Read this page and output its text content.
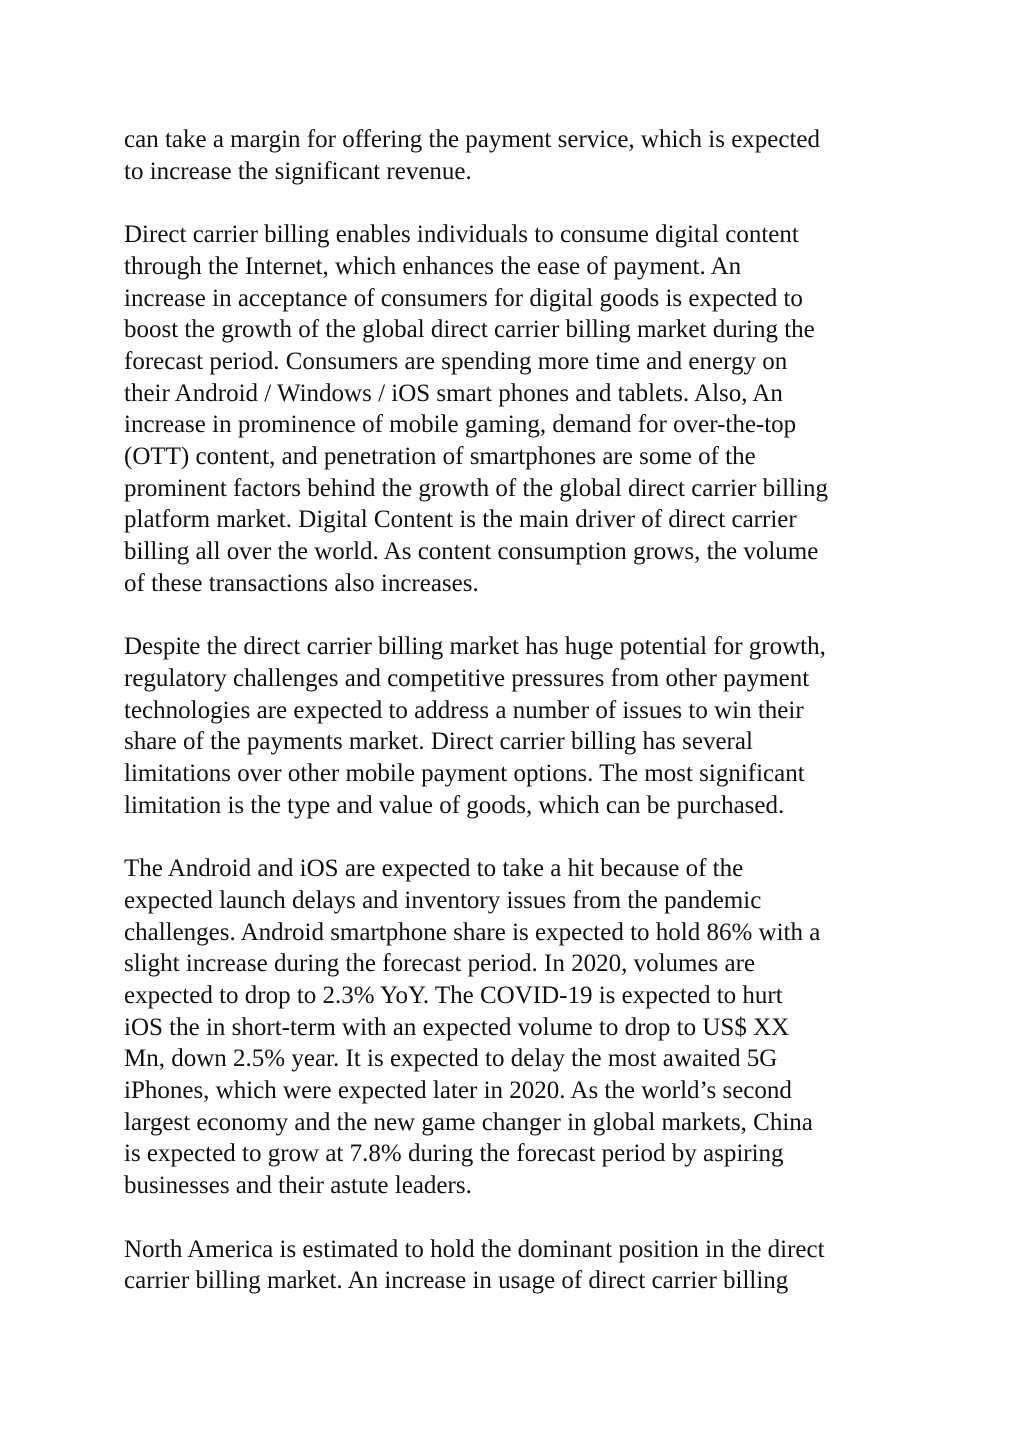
can take a margin for offering the payment service, which is expected
to increase the significant revenue.

Direct carrier billing enables individuals to consume digital content
through the Internet, which enhances the ease of payment. An
increase in acceptance of consumers for digital goods is expected to
boost the growth of the global direct carrier billing market during the
forecast period. Consumers are spending more time and energy on
their Android / Windows / iOS smart phones and tablets. Also, An
increase in prominence of mobile gaming, demand for over-the-top
(OTT) content, and penetration of smartphones are some of the
prominent factors behind the growth of the global direct carrier billing
platform market. Digital Content is the main driver of direct carrier
billing all over the world. As content consumption grows, the volume
of these transactions also increases.

Despite the direct carrier billing market has huge potential for growth,
regulatory challenges and competitive pressures from other payment
technologies are expected to address a number of issues to win their
share of the payments market. Direct carrier billing has several
limitations over other mobile payment options. The most significant
limitation is the type and value of goods, which can be purchased.

The Android and iOS are expected to take a hit because of the
expected launch delays and inventory issues from the pandemic
challenges. Android smartphone share is expected to hold 86% with a
slight increase during the forecast period. In 2020, volumes are
expected to drop to 2.3% YoY. The COVID-19 is expected to hurt
iOS the in short-term with an expected volume to drop to US$ XX
Mn, down 2.5% year. It is expected to delay the most awaited 5G
iPhones, which were expected later in 2020. As the world’s second
largest economy and the new game changer in global markets, China
is expected to grow at 7.8% during the forecast period by aspiring
businesses and their astute leaders.

North America is estimated to hold the dominant position in the direct
carrier billing market. An increase in usage of direct carrier billing
